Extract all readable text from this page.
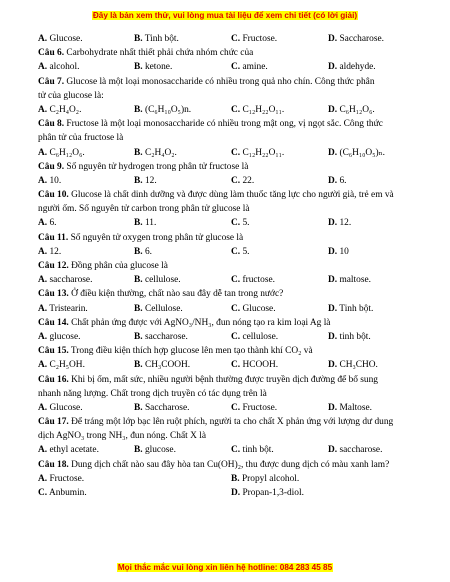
Đây là bản xem thử, vui lòng mua tài liệu để xem chi tiết (có lời giải)
A. Glucose.	B. Tinh bột.	C. Fructose.	D. Saccharose.
Câu 6. Carbohydrate nhất thiết phải chứa nhóm chức của
A. alcohol.	B. ketone.	C. amine.	D. aldehyde.
Câu 7. Glucose là một loại monosaccharide có nhiều trong quả nho chín. Công thức phân
tử của glucose là:
A. C₂H₄O₂.	B. (C₆H₁₀O₅)n.	C. C₁₂H₂₂O₁₁.	D. C₆H₁₂O₆.
Câu 8. Fructose là một loại monosaccharide có nhiều trong mật ong, vị ngọt sắc. Công thức
phân tử của fructose là
A. C₆H₁₂O₆.	B. C₂H₄O₂.	C. C₁₂H₂₂O₁₁.	D. (C₆H₁₀O₅)ₙ.
Câu 9. Số nguyên tử hydrogen trong phân tử fructose là
A. 10.	B. 12.	C. 22.	D. 6.
Câu 10. Glucose là chất dinh dưỡng và được dùng làm thuốc tăng lực cho người già, trẻ em và
người ốm. Số nguyên tử carbon trong phân tử glucose là
A. 6.	B. 11.	C. 5.	D. 12.
Câu 11. Số nguyên tử oxygen trong phân tử glucose là
A. 12.	B. 6.	C. 5.	D. 10
Câu 12. Đồng phân của glucose là
A. saccharose.	B. cellulose.	C. fructose.	D. maltose.
Câu 13. Ở điều kiện thường, chất nào sau đây dễ tan trong nước?
A. Tristearin.	B. Cellulose.	C. Glucose.	D. Tinh bột.
Câu 14. Chất phản ứng được với AgNO₃/NH₃, đun nóng tạo ra kim loại Ag là
A. glucose.	B. saccharose.	C. cellulose.	D. tinh bột.
Câu 15. Trong điều kiện thích hợp glucose lên men tạo thành khí CO₂ và
A. C₂H₅OH.	B. CH₃COOH.	C. HCOOH.	D. CH₃CHO.
Câu 16. Khi bị ốm, mất sức, nhiều người bệnh thường được truyền dịch đường để bổ sung
nhanh năng lượng. Chất trong dịch truyền có tác dụng trên là
A. Glucose.	B. Saccharose.	C. Fructose.	D. Maltose.
Câu 17. Để tráng một lớp bạc lên ruột phích, người ta cho chất X phản ứng với lượng dư dung
dịch AgNO₃ trong NH₃, đun nóng. Chất X là
A. ethyl acetate.	B. glucose.	C. tinh bột.	D. saccharose.
Câu 18. Dung dịch chất nào sau đây hòa tan Cu(OH)₂, thu được dung dịch có màu xanh lam?
A. Fructose.	B. Propyl alcohol.
C. Anbumin.	D. Propan-1,3-diol.
Mọi thắc mắc vui lòng xin liên hệ hotline: 084 283 45 85
